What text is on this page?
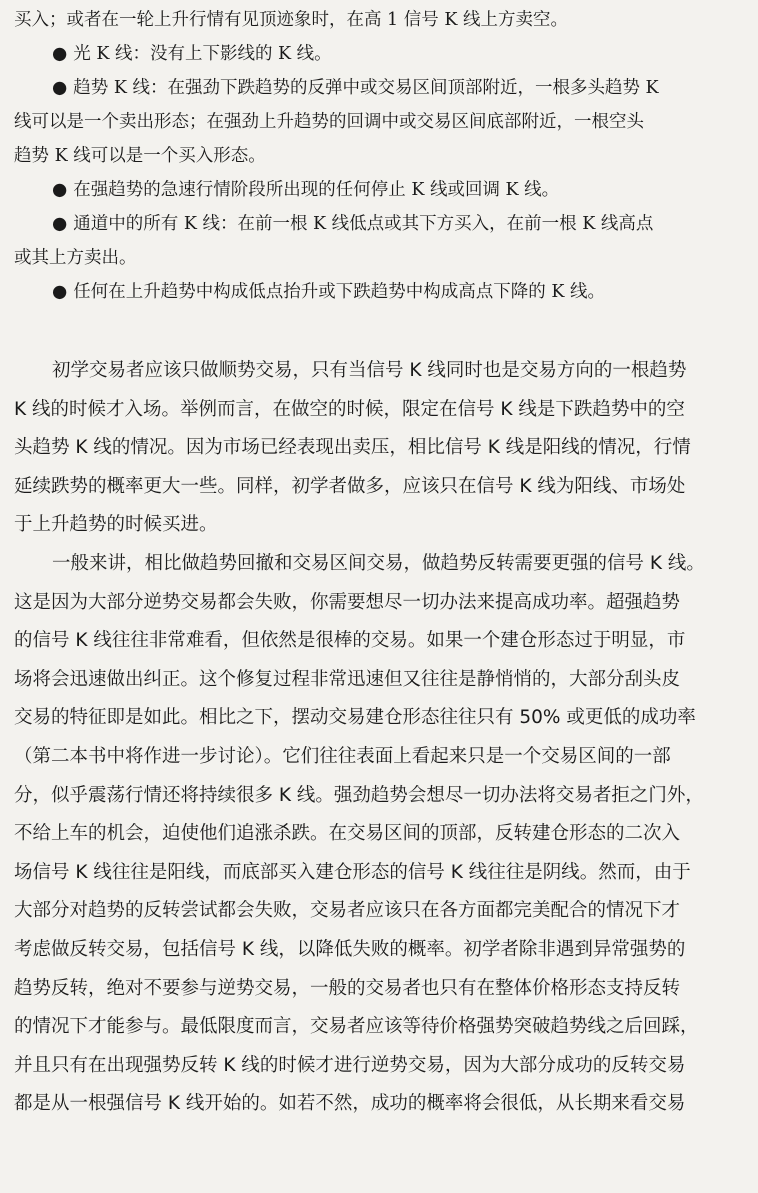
买入；或者在一轮上升行情有见顶迹象时，在高 1 信号 K 线上方卖空。
● 光 K 线：没有上下影线的 K 线。
● 趋势 K 线：在强劲下跌趋势的反弹中或交易区间顶部附近，一根多头趋势 K
线可以是一个卖出形态；在强劲上升趋势的回调中或交易区间底部附近，一根空头
趋势 K 线可以是一个买入形态。
● 在强趋势的急速行情阶段所出现的任何停止 K 线或回调 K 线。
● 通道中的所有 K 线：在前一根 K 线低点或其下方买入，在前一根 K 线高点
或其上方卖出。
● 任何在上升趋势中构成低点抬升或下跌趋势中构成高点下降的 K 线。
初学交易者应该只做顺势交易，只有当信号 K 线同时也是交易方向的一根趋势
K 线的时候才入场。举例而言，在做空的时候，限定在信号 K 线是下跌趋势中的空
头趋势 K 线的情况。因为市场已经表现出卖压，相比信号 K 线是阳线的情况，行情
延续跌势的概率更大一些。同样，初学者做多，应该只在信号 K 线为阳线、市场处
于上升趋势的时候买进。
一般来讲，相比做趋势回撤和交易区间交易，做趋势反转需要更强的信号 K 线。
这是因为大部分逆势交易都会失败，你需要想尽一切办法来提高成功率。超强趋势
的信号 K 线往往非常难看，但依然是很棒的交易。如果一个建仓形态过于明显，市
场将会迅速做出纠正。这个修复过程非常迅速但又往往是静悄悄的，大部分刮头皮
交易的特征即是如此。相比之下，摆动交易建仓形态往往只有 50% 或更低的成功率
（第二本书中将作进一步讨论）。它们往往表面上看起来只是一个交易区间的一部
分，似乎震荡行情还将持续很多 K 线。强劲趋势会想尽一切办法将交易者拒之门外，
不给上车的机会，迫使他们追涨杀跌。在交易区间的顶部，反转建仓形态的二次入
场信号 K 线往往是阳线，而底部买入建仓形态的信号 K 线往往是阴线。然而，由于
大部分对趋势的反转尝试都会失败，交易者应该只在各方面都完美配合的情况下才
考虑做反转交易，包括信号 K 线，以降低失败的概率。初学者除非遇到异常强势的
趋势反转，绝对不要参与逆势交易，一般的交易者也只有在整体价格形态支持反转
的情况下才能参与。最低限度而言，交易者应该等待价格强势突破趋势线之后回踩，
并且只有在出现强势反转 K 线的时候才进行逆势交易，因为大部分成功的反转交易
都是从一根强信号 K 线开始的。如若不然，成功的概率将会很低，从长期来看交易
